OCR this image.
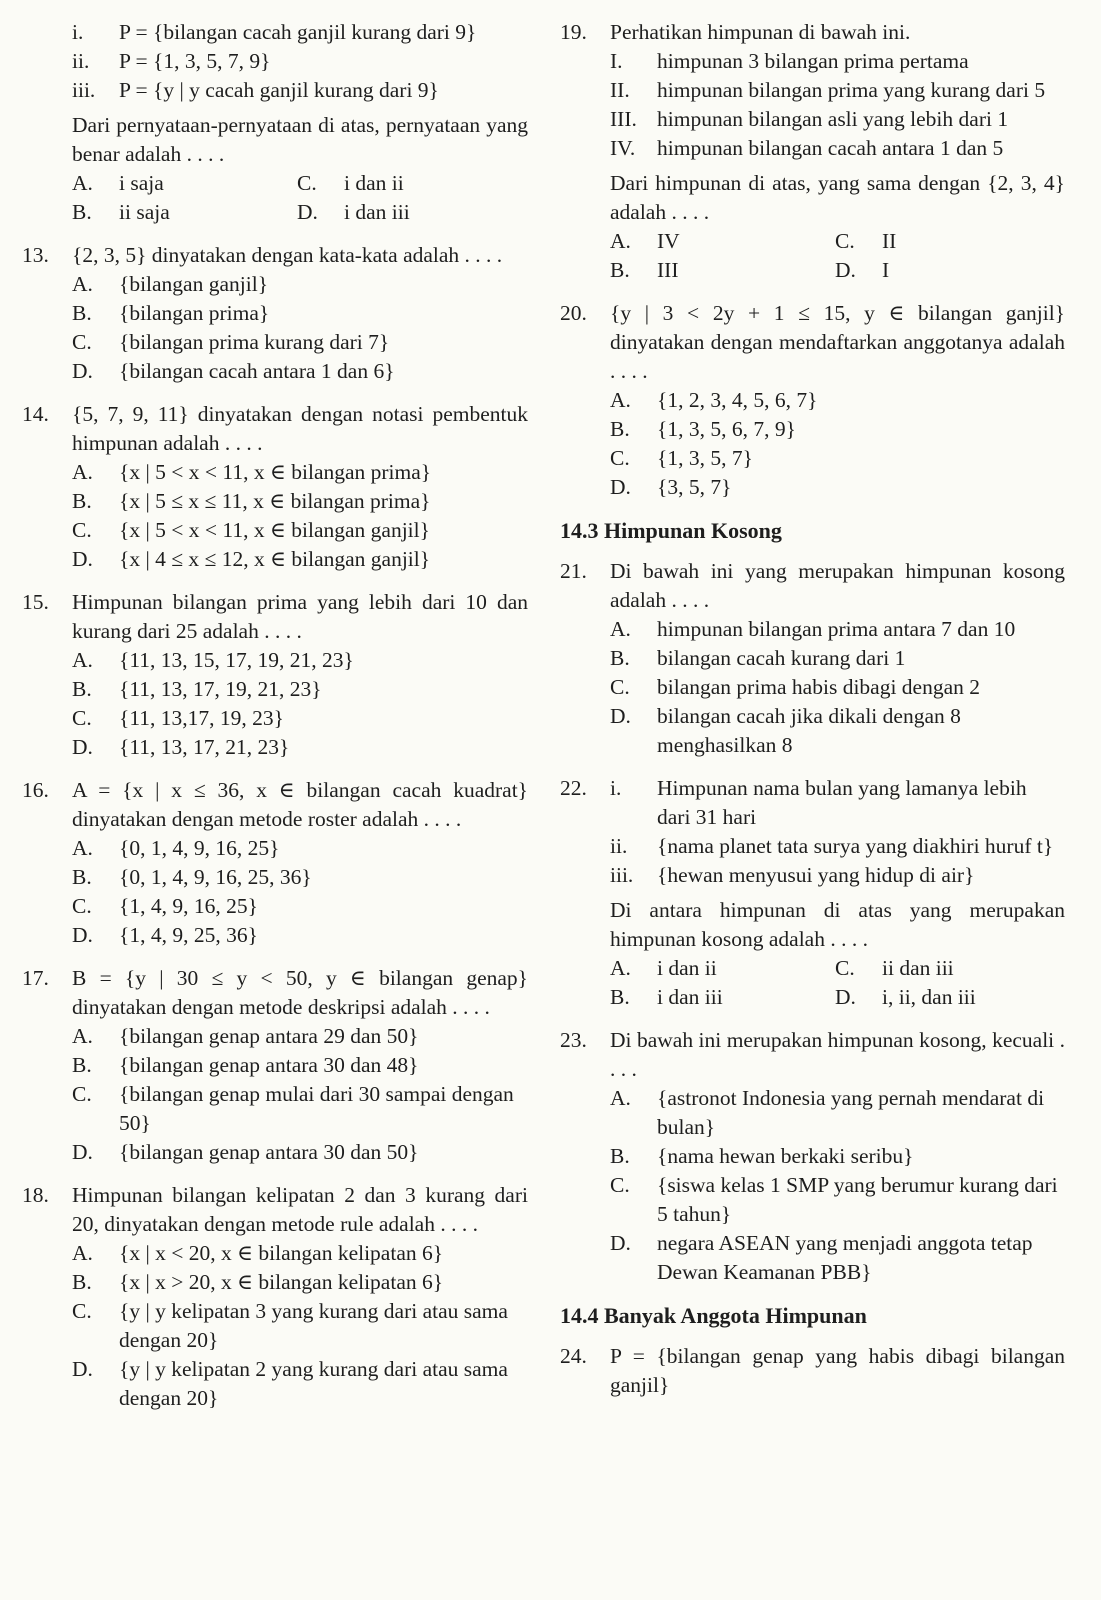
i. P = {bilangan cacah ganjil kurang dari 9}
ii. P = {1, 3, 5, 7, 9}
iii. P = {y | y cacah ganjil kurang dari 9}
Dari pernyataan-pernyataan di atas, pernyataan yang benar adalah . . . .
A. i saja	C. i dan ii
B. ii saja	D. i dan iii
13. {2, 3, 5} dinyatakan dengan kata-kata adalah . . . .
A. {bilangan ganjil}
B. {bilangan prima}
C. {bilangan prima kurang dari 7}
D. {bilangan cacah antara 1 dan 6}
14. {5, 7, 9, 11} dinyatakan dengan notasi pembentuk himpunan adalah . . . .
A. {x | 5 < x < 11, x ∈ bilangan prima}
B. {x | 5 ≤ x ≤ 11, x ∈ bilangan prima}
C. {x | 5 < x < 11, x ∈ bilangan ganjil}
D. {x | 4 ≤ x ≤ 12, x ∈ bilangan ganjil}
15. Himpunan bilangan prima yang lebih dari 10 dan kurang dari 25 adalah . . . .
A. {11, 13, 15, 17, 19, 21, 23}
B. {11, 13, 17, 19, 21, 23}
C. {11, 13,17, 19, 23}
D. {11, 13, 17, 21, 23}
16. A = {x | x ≤ 36, x ∈ bilangan cacah kuadrat} dinyatakan dengan metode roster adalah . . . .
A. {0, 1, 4, 9, 16, 25}
B. {0, 1, 4, 9, 16, 25, 36}
C. {1, 4, 9, 16, 25}
D. {1, 4, 9, 25, 36}
17. B = {y | 30 ≤ y < 50, y ∈ bilangan genap} dinyatakan dengan metode deskripsi adalah . . . .
A. {bilangan genap antara 29 dan 50}
B. {bilangan genap antara 30 dan 48}
C. {bilangan genap mulai dari 30 sampai dengan 50}
D. {bilangan genap antara 30 dan 50}
18. Himpunan bilangan kelipatan 2 dan 3 kurang dari 20, dinyatakan dengan metode rule adalah . . . .
A. {x | x < 20, x ∈ bilangan kelipatan 6}
B. {x | x > 20, x ∈ bilangan kelipatan 6}
C. {y | y kelipatan 3 yang kurang dari atau sama dengan 20}
D. {y | y kelipatan 2 yang kurang dari atau sama dengan 20}
19. Perhatikan himpunan di bawah ini.
I. himpunan 3 bilangan prima pertama
II. himpunan bilangan prima yang kurang dari 5
III. himpunan bilangan asli yang lebih dari 1
IV. himpunan bilangan cacah antara 1 dan 5
Dari himpunan di atas, yang sama dengan {2, 3, 4} adalah . . . .
A. IV	C. II
B. III	D. I
20. {y | 3 < 2y + 1 ≤ 15, y ∈ bilangan ganjil} dinyatakan dengan mendaftarkan anggotanya adalah . . . .
A. {1, 2, 3, 4, 5, 6, 7}
B. {1, 3, 5, 6, 7, 9}
C. {1, 3, 5, 7}
D. {3, 5, 7}
14.3 Himpunan Kosong
21. Di bawah ini yang merupakan himpunan kosong adalah . . . .
A. himpunan bilangan prima antara 7 dan 10
B. bilangan cacah kurang dari 1
C. bilangan prima habis dibagi dengan 2
D. bilangan cacah jika dikali dengan 8 menghasilkan 8
22. i. Himpunan nama bulan yang lamanya lebih dari 31 hari
ii. {nama planet tata surya yang diakhiri huruf t}
iii. {hewan menyusui yang hidup di air}
Di antara himpunan di atas yang merupakan himpunan kosong adalah . . . .
A. i dan ii	C. ii dan iii
B. i dan iii	D. i, ii, dan iii
23. Di bawah ini merupakan himpunan kosong, kecuali . . . .
A. {astronot Indonesia yang pernah mendarat di bulan}
B. {nama hewan berkaki seribu}
C. {siswa kelas 1 SMP yang berumur kurang dari 5 tahun}
D. negara ASEAN yang menjadi anggota tetap Dewan Keamanan PBB}
14.4 Banyak Anggota Himpunan
24. P = {bilangan genap yang habis dibagi bilangan ganjil}
